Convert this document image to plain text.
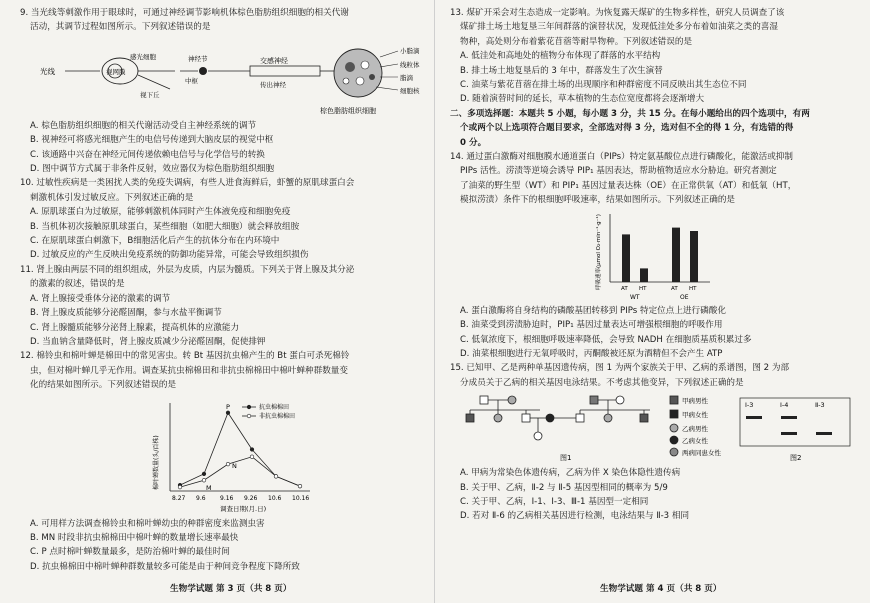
9. 当光线等刺激作用于眼球时，可通过神经调节影响机体棕色脂肪组织细胞的相关代谢
活动，其调节过程如图所示。下列叙述错误的是
光线	视网膜
感光细胞	神经节
中枢
交感神经
视下丘
小脂滴
线粒体
脂滴
细胞核
传出神经
棕色脂肪组织细胞
A. 棕色脂肪组织细胞的相关代谢活动受自主神经系统的调节
B. 视神经可将感光细胞产生的电信号传递到大脑皮层的视觉中枢
C. 该通路中兴奋在神经元间传递依赖电信号与化学信号的转换
D. 图中调节方式属于非条件反射，效应器仅为棕色脂肪组织细胞
10. 过敏性疾病是一类困扰人类的免疫失调病，有些人进食海鲜后，虾蟹的原肌球蛋白会
刺激机体引发过敏反应。下列叙述正确的是
A. 原肌球蛋白为过敏原，能够刺激机体同时产生体液免疫和细胞免疫
B. 当机体初次接触原肌球蛋白，某些细胞（如肥大细胞）就会释放组胺
C. 在原肌球蛋白刺激下，B细胞活化后产生的抗体分布在内环境中
D. 过敏反应的产生反映出免疫系统的防御功能异常，可能会导致组织损伤
11. 肾上腺由两层不同的组织组成，外层为皮质，内层为髓质。下列关于肾上腺及其分泌
的激素的叙述，错误的是
A. 肾上腺接受垂体分泌的激素的调节
B. 肾上腺皮质能够分泌醛固酮，参与水盐平衡调节
C. 肾上腺髓质能够分泌肾上腺素，提高机体的应激能力
D. 当血钠含量降低时，肾上腺皮质减少分泌醛固酮，促使排钾
12. 棉铃虫和棉叶蝉是棉田中的常见害虫。转 Bt 基因抗虫棉产生的 Bt 蛋白可杀死棉铃
虫，但对棉叶蝉几乎无作用。调查某抗虫棉棉田和非抗虫棉棉田中棉叶蝉种群数量变
化的结果如图所示。下列叙述错误的是
8.27 9.6 9.16 9.26 10.6 10.16
棉叶蝉数量(头/百株)
调查日期(月.日)
抗虫棉棉田
非抗虫棉棉田
P
N
M
A. 可用样方法调查棉铃虫和棉叶蝉幼虫的种群密度来监测虫害
B. MN 时段非抗虫棉棉田中棉叶蝉的数量增长速率最快
C. P 点时棉叶蝉数量最多，是防治棉叶蝉的最佳时间
D. 抗虫棉棉田中棉叶蝉种群数量较多可能是由于种间竞争程度下降所致
生物学试题 第 3 页（共 8 页）
13. 煤矿开采会对生态造成一定影响。为恢复露天煤矿的生物多样性，研究人员调查了该
煤矿排土场土地复垦三年间群落的演替状况，发现低洼处多分布着如油菜之类的喜湿
物种，高处则分布着紫花苜蓿等耐旱物种。下列叙述错误的是
A. 低洼处和高地处的植物分布体现了群落的水平结构
B. 排土场土地复垦后的 3 年中，群落发生了次生演替
C. 油菜与紫花苜蓿在排土场的出现顺序和种群密度不同反映出其生态位不同
D. 随着演替时间的延长，草本植物的生态位宽度都将会逐渐增大
二、多项选择题：本题共 5 小题，每小题 3 分，共 15 分。在每小题给出的四个选项中，有两
个或两个以上选项符合题目要求，全部选对得 3 分，选对但不全的得 1 分，有选错的得
0 分。
14. 通过蛋白激酶对细胞膜水通道蛋白（PIPs）特定氨基酸位点进行磷酸化，能激活或抑制
PIPs 活性。涝渍等逆境会诱导 PIP₁ 基因表达，帮助植物适应水分胁迫。研究者测定
了油菜的野生型（WT）和 PIP₁ 基因过量表达株（OE）在正常供氧（AT）和低氧（HT，
模拟涝渍）条件下的根细胞呼吸速率，结果如图所示。下列叙述正确的是
呼吸速率(μmol O₂·min⁻¹·g⁻¹)	AT HT	AT HT
WT	OE
A. 蛋白激酶将自身结构的磷酸基团转移到 PIPs 特定位点上进行磷酸化
B. 油菜受到涝渍胁迫时，PIP₁ 基因过量表达可增强根细胞的呼吸作用
C. 低氧浓度下，根细胞呼吸速率降低，会导致 NADH 在细胞质基质积累过多
D. 油菜根细胞进行无氧呼吸时，丙酮酸被还原为酒精但不会产生 ATP
15. 已知甲、乙是两种单基因遗传病，图 1 为两个家族关于甲、乙病的系谱图，图 2 为部
分成员关于乙病的相关基因电泳结果。不考虑其他变异，下列叙述正确的是
甲病男性
甲病女性
乙病男性
乙病女性
两病同患女性
图1
Ⅰ-3	Ⅰ-4	Ⅱ-3
图2
A. 甲病为常染色体遗传病，乙病为伴 X 染色体隐性遗传病
B. 关于甲、乙病，Ⅱ-2 与 Ⅱ-5 基因型相同的概率为 5/9
C. 关于甲、乙病，Ⅰ-1、Ⅰ-3、Ⅲ-1 基因型一定相同
D. 若对 Ⅱ-6 的乙病相关基因进行检测，电泳结果与 Ⅱ-3 相同
生物学试题 第 4 页（共 8 页）
